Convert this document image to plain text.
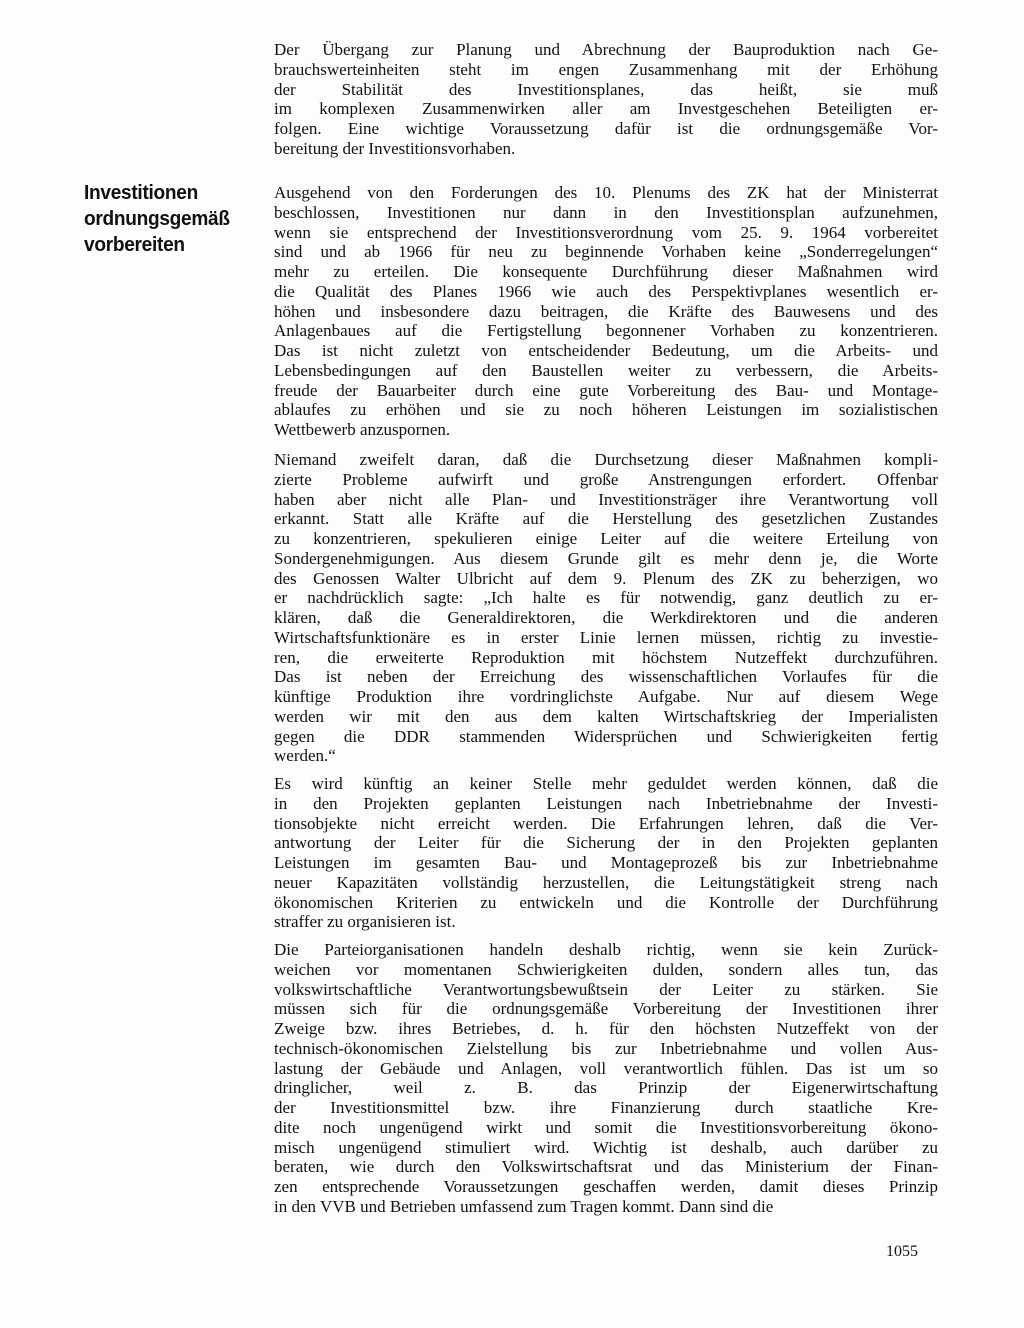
Investitionen
ordnungsgemäß
vorbereiten
Der Übergang zur Planung und Abrechnung der Bauproduktion nach Ge-
brauchswerteinheiten steht im engen Zusammenhang mit der Erhöhung
der Stabilität des Investitionsplanes, das heißt, sie muß
im komplexen Zusammenwirken aller am Investgeschehen Beteiligten er-
folgen. Eine wichtige Voraussetzung dafür ist die ordnungsgemäße Vor-
bereitung der Investitionsvorhaben.
Ausgehend von den Forderungen des 10. Plenums des ZK hat der Ministerrat
beschlossen, Investitionen nur dann in den Investitionsplan aufzunehmen,
wenn sie entsprechend der Investitionsverordnung vom 25. 9. 1964 vorbereitet
sind und ab 1966 für neu zu beginnende Vorhaben keine „Sonderregelungen“
mehr zu erteilen. Die konsequente Durchführung dieser Maßnahmen wird
die Qualität des Planes 1966 wie auch des Perspektivplanes wesentlich er-
höhen und insbesondere dazu beitragen, die Kräfte des Bauwesens und des
Anlagenbaues auf die Fertigstellung begonnener Vorhaben zu konzentrieren.
Das ist nicht zuletzt von entscheidender Bedeutung, um die Arbeits- und
Lebensbedingungen auf den Baustellen weiter zu verbessern, die Arbeits-
freude der Bauarbeiter durch eine gute Vorbereitung des Bau- und Montage-
ablaufes zu erhöhen und sie zu noch höheren Leistungen im sozialistischen
Wettbewerb anzuspornen.
Niemand zweifelt daran, daß die Durchsetzung dieser Maßnahmen kompli-
zierte Probleme aufwirft und große Anstrengungen erfordert. Offenbar
haben aber nicht alle Plan- und Investitionsträger ihre Verantwortung voll
erkannt. Statt alle Kräfte auf die Herstellung des gesetzlichen Zustandes
zu konzentrieren, spekulieren einige Leiter auf die weitere Erteilung von
Sondergenehmigungen. Aus diesem Grunde gilt es mehr denn je, die Worte
des Genossen Walter Ulbricht auf dem 9. Plenum des ZK zu beherzigen, wo
er nachdrücklich sagte: „Ich halte es für notwendig, ganz deutlich zu er-
klären, daß die Generaldirektoren, die Werkdirektoren und die anderen
Wirtschaftsfunktionäre es in erster Linie lernen müssen, richtig zu investie-
ren, die erweiterte Reproduktion mit höchstem Nutzeffekt durchzuführen.
Das ist neben der Erreichung des wissenschaftlichen Vorlaufes für die
künftige Produktion ihre vordringlichste Aufgabe. Nur auf diesem Wege
werden wir mit den aus dem kalten Wirtschaftskrieg der Imperialisten
gegen die DDR stammenden Widersprüchen und Schwierigkeiten fertig
werden.“
Es wird künftig an keiner Stelle mehr geduldet werden können, daß die
in den Projekten geplanten Leistungen nach Inbetriebnahme der Investi-
tionsobjekte nicht erreicht werden. Die Erfahrungen lehren, daß die Ver-
antwortung der Leiter für die Sicherung der in den Projekten geplanten
Leistungen im gesamten Bau- und Montageprozeß bis zur Inbetriebnahme
neuer Kapazitäten vollständig herzustellen, die Leitungstätigkeit streng nach
ökonomischen Kriterien zu entwickeln und die Kontrolle der Durchführung
straffer zu organisieren ist.
Die Parteiorganisationen handeln deshalb richtig, wenn sie kein Zurück-
weichen vor momentanen Schwierigkeiten dulden, sondern alles tun, das
volkswirtschaftliche Verantwortungsbewußtsein der Leiter zu stärken. Sie
müssen sich für die ordnungsgemäße Vorbereitung der Investitionen ihrer
Zweige bzw. ihres Betriebes, d. h. für den höchsten Nutzeffekt von der
technisch-ökonomischen Zielstellung bis zur Inbetriebnahme und vollen Aus-
lastung der Gebäude und Anlagen, voll verantwortlich fühlen. Das ist um so
dringlicher, weil z. B. das Prinzip der Eigenerwirtschaftung
der Investitionsmittel bzw. ihre Finanzierung durch staatliche Kre-
dite noch ungenügend wirkt und somit die Investitionsvorbereitung ökono-
misch ungenügend stimuliert wird. Wichtig ist deshalb, auch darüber zu
beraten, wie durch den Volkswirtschaftsrat und das Ministerium der Finan-
zen entsprechende Voraussetzungen geschaffen werden, damit dieses Prinzip
in den VVB und Betrieben umfassend zum Tragen kommt. Dann sind die
1055
